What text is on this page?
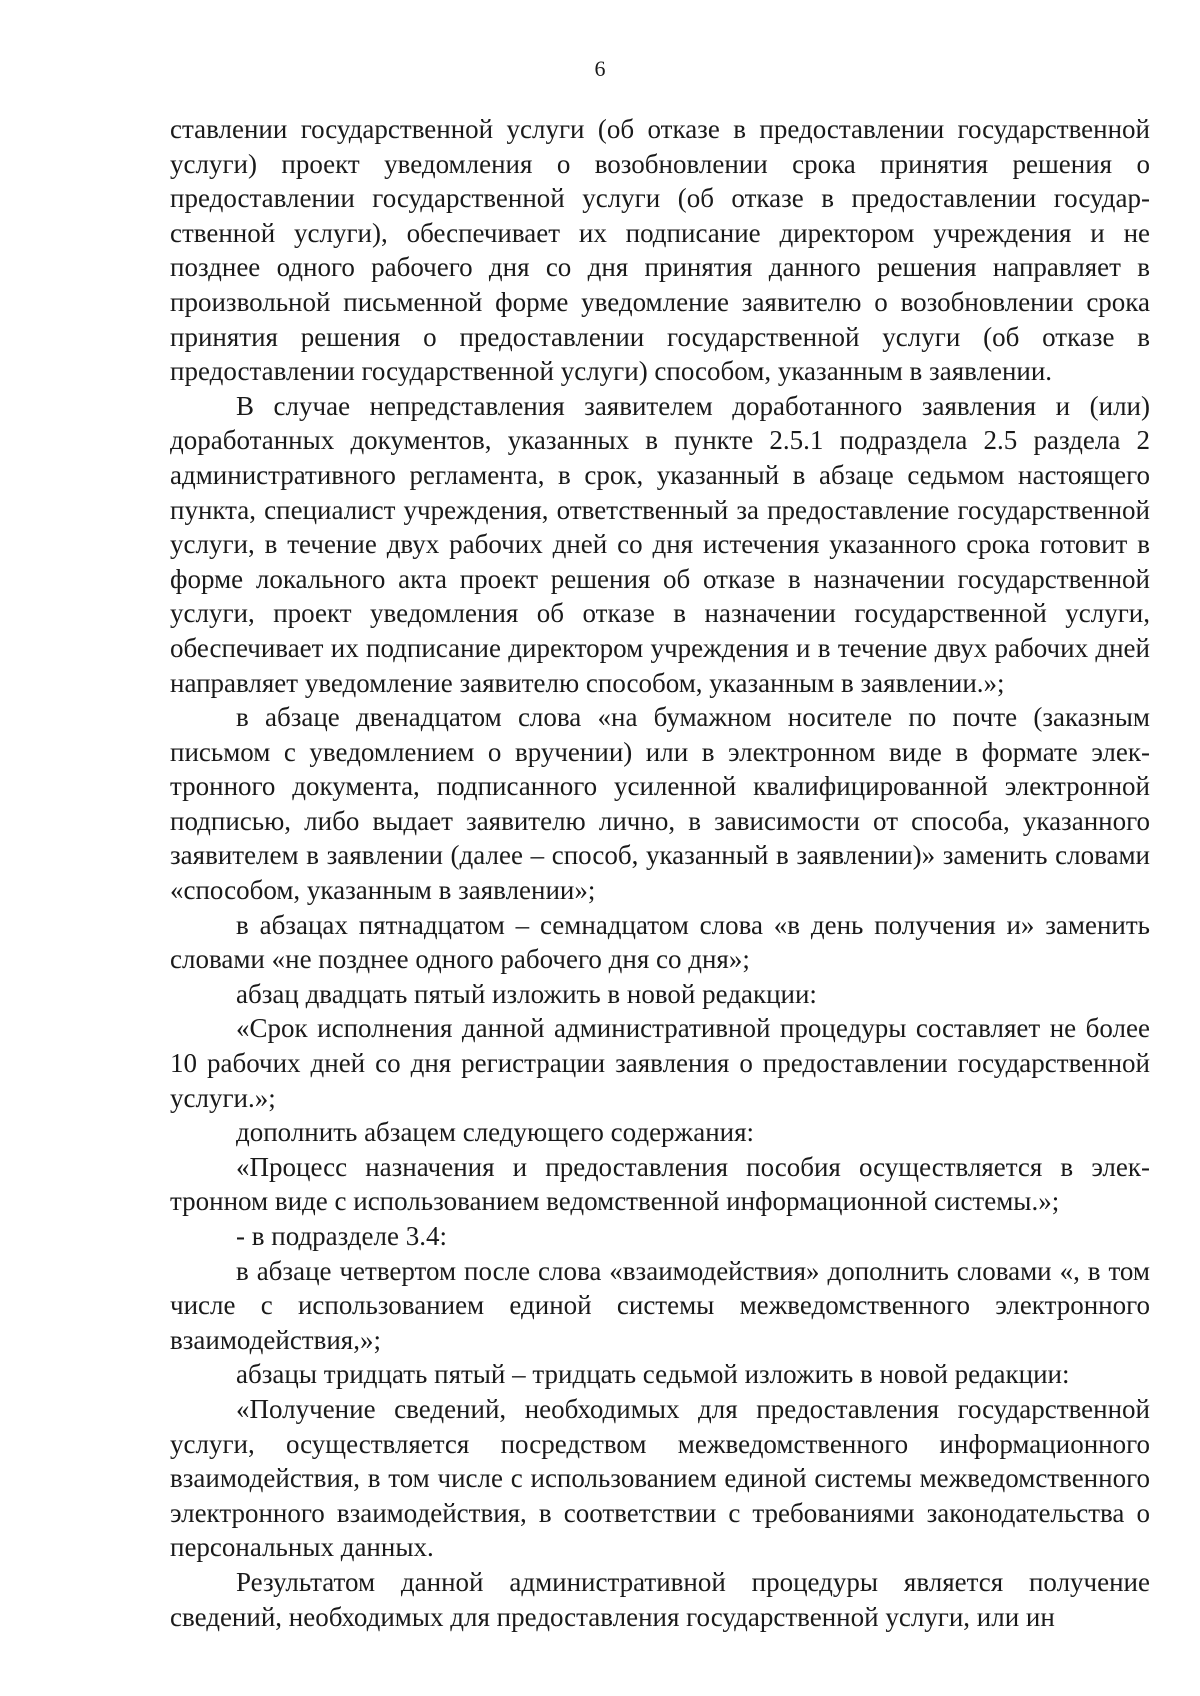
6

ставлении государственной услуги (об отказе в предоставлении государственной услуги) проект уведомления о возобновлении срока принятия решения о предоставлении государственной услуги (об отказе в предоставлении государственной услуги), обеспечивает их подписание директором учреждения и не позднее одного рабочего дня со дня принятия данного решения направляет в произвольной письменной форме уведомление заявителю о возобновлении срока принятия решения о предоставлении государственной услуги (об отказе в предоставлении государственной услуги) способом, указанным в заявлении.

В случае непредставления заявителем доработанного заявления и (или) доработанных документов, указанных в пункте 2.5.1 подраздела 2.5 раздела 2 административного регламента, в срок, указанный в абзаце седьмом настоящего пункта, специалист учреждения, ответственный за предоставление государственной услуги, в течение двух рабочих дней со дня истечения указанного срока готовит в форме локального акта проект решения об отказе в назначении государственной услуги, проект уведомления об отказе в назначении государственной услуги, обеспечивает их подписание директором учреждения и в течение двух рабочих дней направляет уведомление заявителю способом, указанным в заявлении.»;

в абзаце двенадцатом слова «на бумажном носителе по почте (заказным письмом с уведомлением о вручении) или в электронном виде в формате электронного документа, подписанного усиленной квалифицированной электронной подписью, либо выдает заявителю лично, в зависимости от способа, указанного заявителем в заявлении (далее – способ, указанный в заявлении)» заменить словами «способом, указанным в заявлении»;

в абзацах пятнадцатом – семнадцатом слова «в день получения и» заменить словами «не позднее одного рабочего дня со дня»;

абзац двадцать пятый изложить в новой редакции:

«Срок исполнения данной административной процедуры составляет не более 10 рабочих дней со дня регистрации заявления о предоставлении государственной услуги.»;

дополнить абзацем следующего содержания:

«Процесс назначения и предоставления пособия осуществляется в электронном виде с использованием ведомственной информационной системы.»;

- в подразделе 3.4:

в абзаце четвертом после слова «взаимодействия» дополнить словами «, в том числе с использованием единой системы межведомственного электронного взаимодействия,»;

абзацы тридцать пятый – тридцать седьмой изложить в новой редакции:

«Получение сведений, необходимых для предоставления государственной услуги, осуществляется посредством межведомственного информационного взаимодействия, в том числе с использованием единой системы межведомственного электронного взаимодействия, в соответствии с требованиями законодательства о персональных данных.

Результатом данной административной процедуры является получение сведений, необходимых для предоставления государственной услуги, или ин
